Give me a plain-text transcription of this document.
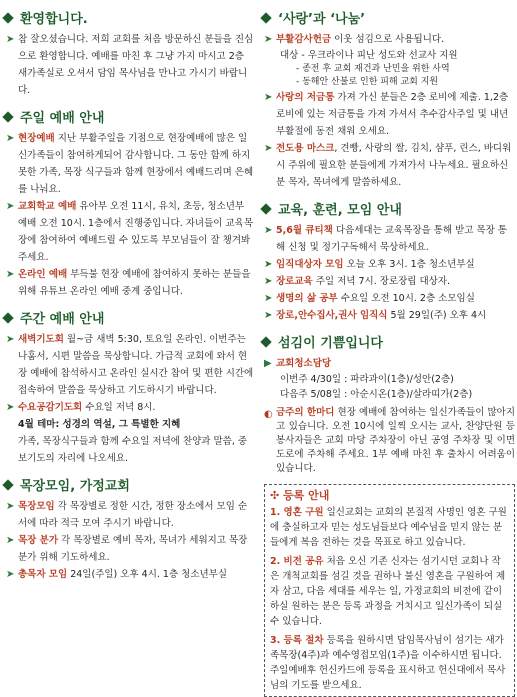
환영합니다.
➤ 참 잘오셨습니다. 저희 교회를 처음 방문하신 분들을 진심으로 환영합니다. 예배를 마친 후 그냥 가지 마시고 2층 새가족실로 오셔서 담임 목사님을 만나고 가시기 바랍니다.
주일 예배 안내
➤ 현장예배 지난 부활주일을 기점으로 현장예배에 많은 일신가족들이 참여하게되어 감사합니다. 그 동안 함께 하지 못한 가족, 목장 식구들과 함께 현장에서 예배드리며 은혜를 나눠요.
➤ 교회학교 예배 유아부 오전 11시, 유치, 초등, 청소년부 예배 오전 10시. 1층에서 진행중입니다. 자녀들이 교육목장에 참여하여 예배드릴 수 있도록 부모님들이 잘 챙겨봐 주세요.
➤ 온라인 예배 부득불 현장 예배에 참여하지 못하는 분들을 위해 유튜브 온라인 예배 중계 중입니다.
주간 예배 안내
➤ 새벽기도회 월~금 새벽 5:30, 토요일 온라인. 이번주는 나훔서, 시편 말씀을 묵상합니다. 가급적 교회에 와서 현장 예배에 참석하시고 온라인 실시간 참여 및 편한 시간에 접속하여 말씀을 묵상하고 기도하시기 바랍니다.
➤ 수요공감기도회 수요일 저녁 8시.
4월 테마: 성경의 역설, 그 특별한 지혜
가족, 목장식구들과 함께 수요일 저녁에 찬양과 말씀, 중보기도의 자리에 나오세요.
목장모임, 가정교회
➤ 목장모임 각 목장별로 정한 시간, 정한 장소에서 모임 순서에 따라 적극 모여 주시기 바랍니다.
➤ 목장 분가 각 목장별로 예비 목자, 목녀가 세워지고 목장 분가 위해 기도하세요.
➤ 총목자 모임 24일(주일) 오후 4시. 1층 청소년부실
‘사랑’과 ‘나눔’
➤ 부활감사헌금 이웃 섬김으로 사용됩니다.
대상 - 우크라이나 피난 성도와 선교사 지원
- 종전 후 교회 재건과 난민을 위한 사역
- 동해안 산불로 인한 피해 교회 지원
➤ 사랑의 저금통 가져 가신 분들은 2층 로비에 제출. 1,2층 로비에 있는 저금통을 가져 가셔서 추수감사주일 및 내년 부활절에 동전 채워 오세요.
➤ 전도용 마스크, 견빵, 사랑의 쌀, 김치, 샴푸, 린스, 바디워시 주위에 필요한 분들에게 가져가서 나누세요. 필요하신 분 목자, 목녀에게 말씀하세요.
교육, 훈련, 모임 안내
➤ 5,6월 큐티책 다음세대는 교육목장을 통해 받고 목장 통해 신청 및 정기구독해서 묵상하세요.
➤ 임직대상자 모임 오늘 오후 3시. 1층 청소년부실
➤ 장로교육 주일 저녁 7시. 장로장립 대상자.
➤ 생명의 삶 공부 수요일 오전 10시. 2층 소모임실
➤ 장로,안수집사,권사 임직식 5월 29일(주) 오후 4시
섬김이 기쁨입니다
▶ 교회청소담당
이번주 4/30일 : 파라과이(1층)/성안(2층)
다음주 5/08일 : 아순시온(1층)/살라띠가(2층)
◐ 금주의 한마디 현장 예배에 참여하는 일신가족들이 많아지고 있습니다. 오전 10시에 일찍 오시는 교사, 찬양단원 등 봉사자들은 교회 마당 주차장이 아닌 공영 주차장 및 이면도로에 주차해 주세요. 1부 예배 마친 후 출차시 어려움이 있습니다.
✣ 등록 안내
1. 영혼 구원 일신교회는 교회의 본질적 사명인 영혼 구원에 충실하고자 믿는 성도님들보다 예수님을 믿지 않는 분들에게 복음 전하는 것을 목표로 하고 있습니다.
2. 비전 공유 처음 오신 기존 신자는 섬기시던 교회나 작은 개척교회를 섬길 것을 권하나 불신 영혼을 구원하여 제자 삼고, 다음 세대를 세우는 일, 가정교회의 비전에 같이하실 원하는 분은 등록 과정을 거치시고 일신가족이 되실 수 있습니다.
3. 등록 절차 등록을 원하시면 담임목사님이 섬기는 새가족목장(4주)과 예수영접모임(1주)을 이수하시면 됩니다. 주일예배후 헌신카드에 등록을 표시하고 헌신대에서 목사님의 기도를 받으세요.
